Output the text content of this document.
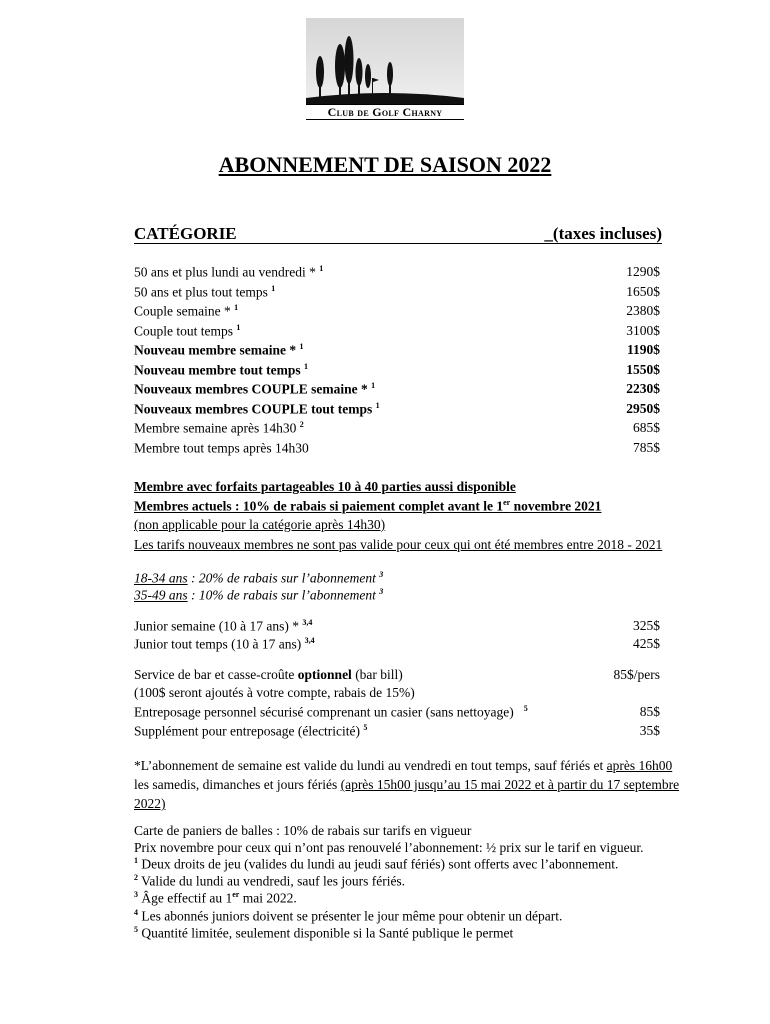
Club de Golf Charny
ABONNEMENT DE SAISON 2022
CATÉGORIE	_(taxes incluses)
50 ans et plus lundi au vendredi * $^1$	1290$
50 ans et plus tout temps $^1$	1650$
Couple semaine * $^1$	2380$
Couple tout temps $^1$	3100$
Nouveau membre semaine * $^1$	1190$
Nouveau membre tout temps $^1$	1550$
Nouveaux membres COUPLE semaine * $^1$	2230$
Nouveaux membres COUPLE tout temps $^1$	2950$
Membre semaine après 14h30 $^2$	685$
Membre tout temps après 14h30	785$
Membre avec forfaits partageables 10 à 40 parties aussi disponible
Membres actuels : 10% de rabais si paiement complet avant le 1er novembre 2021
(non applicable pour la catégorie après 14h30)
Les tarifs nouveaux membres ne sont pas valide pour ceux qui ont été membres entre 2018 - 2021
18-34 ans : 20% de rabais sur l’abonnement $^3$
35-49 ans : 10% de rabais sur l’abonnement $^3$
Junior semaine (10 à 17 ans) * $^{3,4}$	325$
Junior tout temps (10 à 17 ans) $^{3,4}$	425$
Service de bar et casse-croûte optionnel (bar bill)	85$/pers
(100$ seront ajoutés à votre compte, rabais de 15%)
Entreposage personnel sécurisé comprenant un casier (sans nettoyage) $^5$	85$
Supplément pour entreposage (électricité) $^5$	35$
*L’abonnement de semaine est valide du lundi au vendredi en tout temps, sauf fériés et après 16h00
les samedis, dimanches et jours fériés (après 15h00 jusqu’au 15 mai 2022 et à partir du 17 septembre
2022)
Carte de paniers de balles : 10% de rabais sur tarifs en vigueur
Prix novembre pour ceux qui n’ont pas renouvelé l’abonnement: ½ prix sur le tarif en vigueur.
$^1$ Deux droits de jeu (valides du lundi au jeudi sauf fériés) sont offerts avec l’abonnement.
$^2$ Valide du lundi au vendredi, sauf les jours fériés.
$^3$ Âge effectif au 1er mai 2022.
$^4$ Les abonnés juniors doivent se présenter le jour même pour obtenir un départ.
$^5$ Quantité limitée, seulement disponible si la Santé publique le permet
